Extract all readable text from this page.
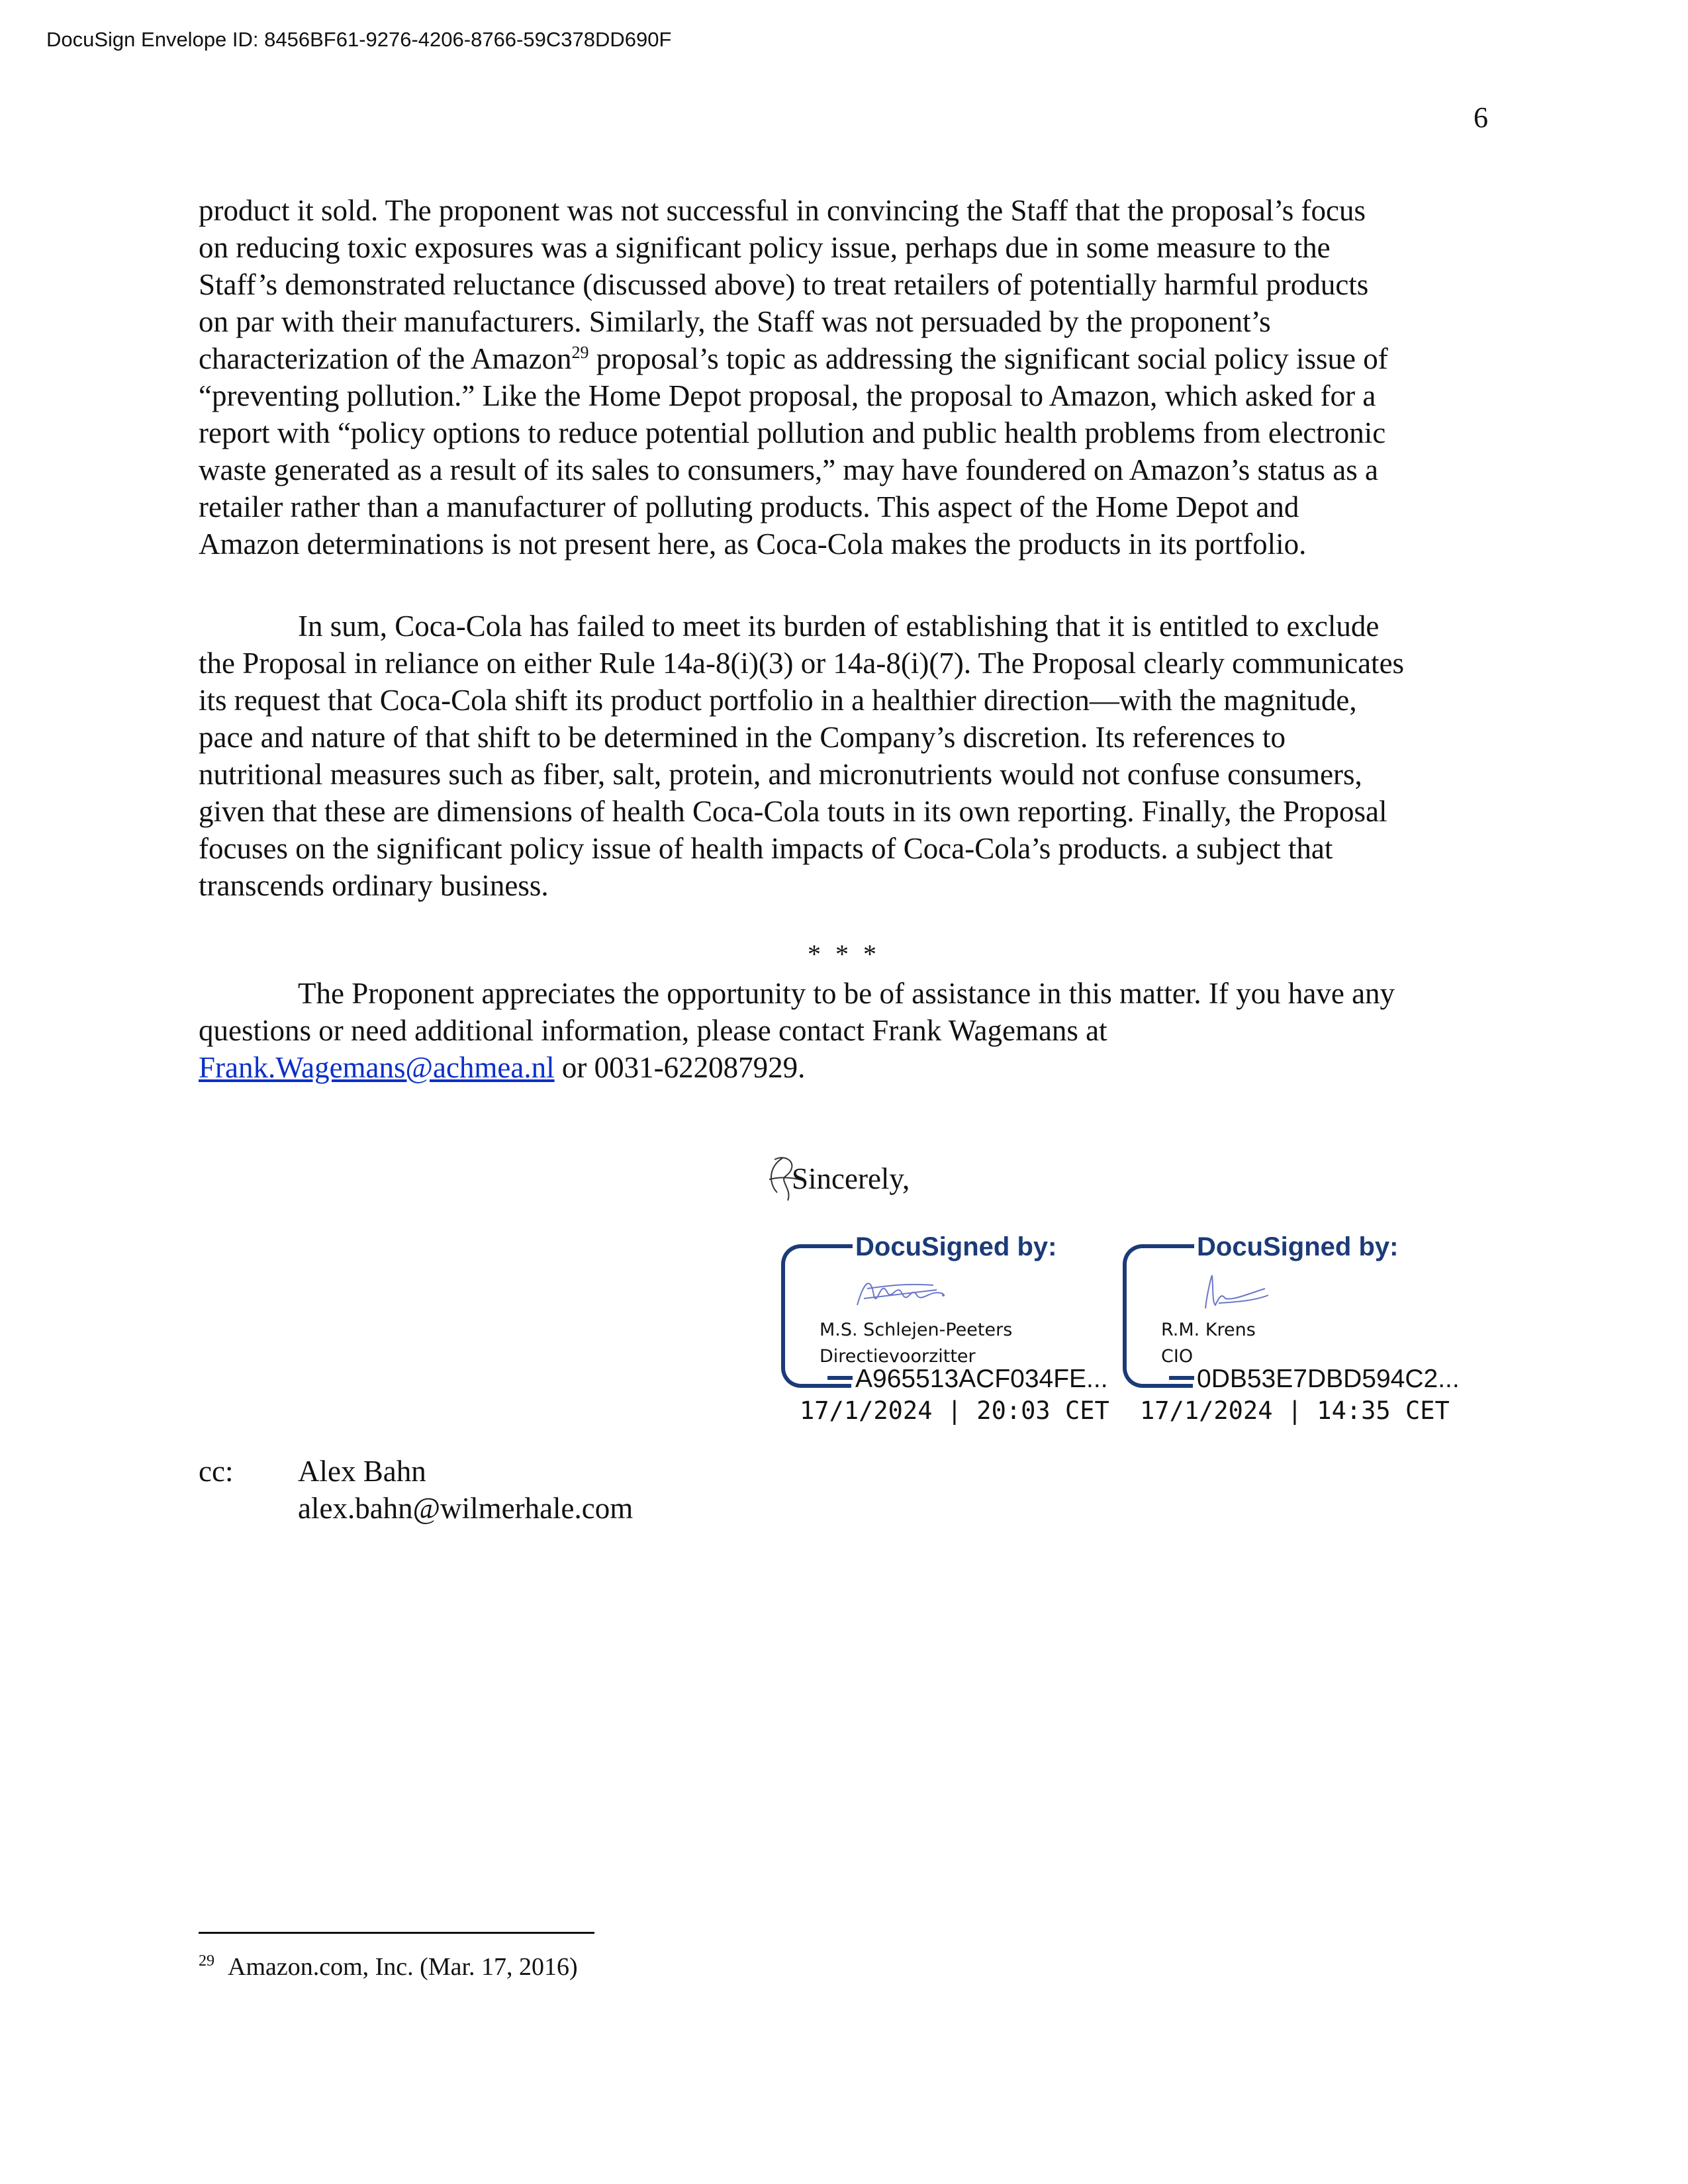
DocuSign Envelope ID: 8456BF61-9276-4206-8766-59C378DD690F
6
product it sold. The proponent was not successful in convincing the Staff that the proposal’s focus
on reducing toxic exposures was a significant policy issue, perhaps due in some measure to the
Staff’s demonstrated reluctance (discussed above) to treat retailers of potentially harmful products
on par with their manufacturers. Similarly, the Staff was not persuaded by the proponent’s
characterization of the Amazon$^{29}$ proposal’s topic as addressing the significant social policy issue of
“preventing pollution.” Like the Home Depot proposal, the proposal to Amazon, which asked for a
report with “policy options to reduce potential pollution and public health problems from electronic
waste generated as a result of its sales to consumers,” may have foundered on Amazon’s status as a
retailer rather than a manufacturer of polluting products. This aspect of the Home Depot and
Amazon determinations is not present here, as Coca-Cola makes the products in its portfolio.
In sum, Coca-Cola has failed to meet its burden of establishing that it is entitled to exclude
the Proposal in reliance on either Rule 14a-8(i)(3) or 14a-8(i)(7). The Proposal clearly communicates
its request that Coca-Cola shift its product portfolio in a healthier direction—with the magnitude,
pace and nature of that shift to be determined in the Company’s discretion. Its references to
nutritional measures such as fiber, salt, protein, and micronutrients would not confuse consumers,
given that these are dimensions of health Coca-Cola touts in its own reporting. Finally, the Proposal
focuses on the significant policy issue of health impacts of Coca-Cola’s products. a subject that
transcends ordinary business.
* * *
The Proponent appreciates the opportunity to be of assistance in this matter. If you have any
questions or need additional information, please contact Frank Wagemans at
Frank.Wagemans@achmea.nl or 0031-622087929.
Sincerely,
DocuSigned by:
M.S. Schlejen-Peeters
Directievoorzitter
A965513ACF034FE...
17/1/2024 | 20:03 CET
DocuSigned by:
R.M. Krens
CIO
0DB53E7DBD594C2...
17/1/2024 | 14:35 CET
cc: Alex Bahn
alex.bahn@wilmerhale.com
$^{29}$ Amazon.com, Inc. (Mar. 17, 2016)
